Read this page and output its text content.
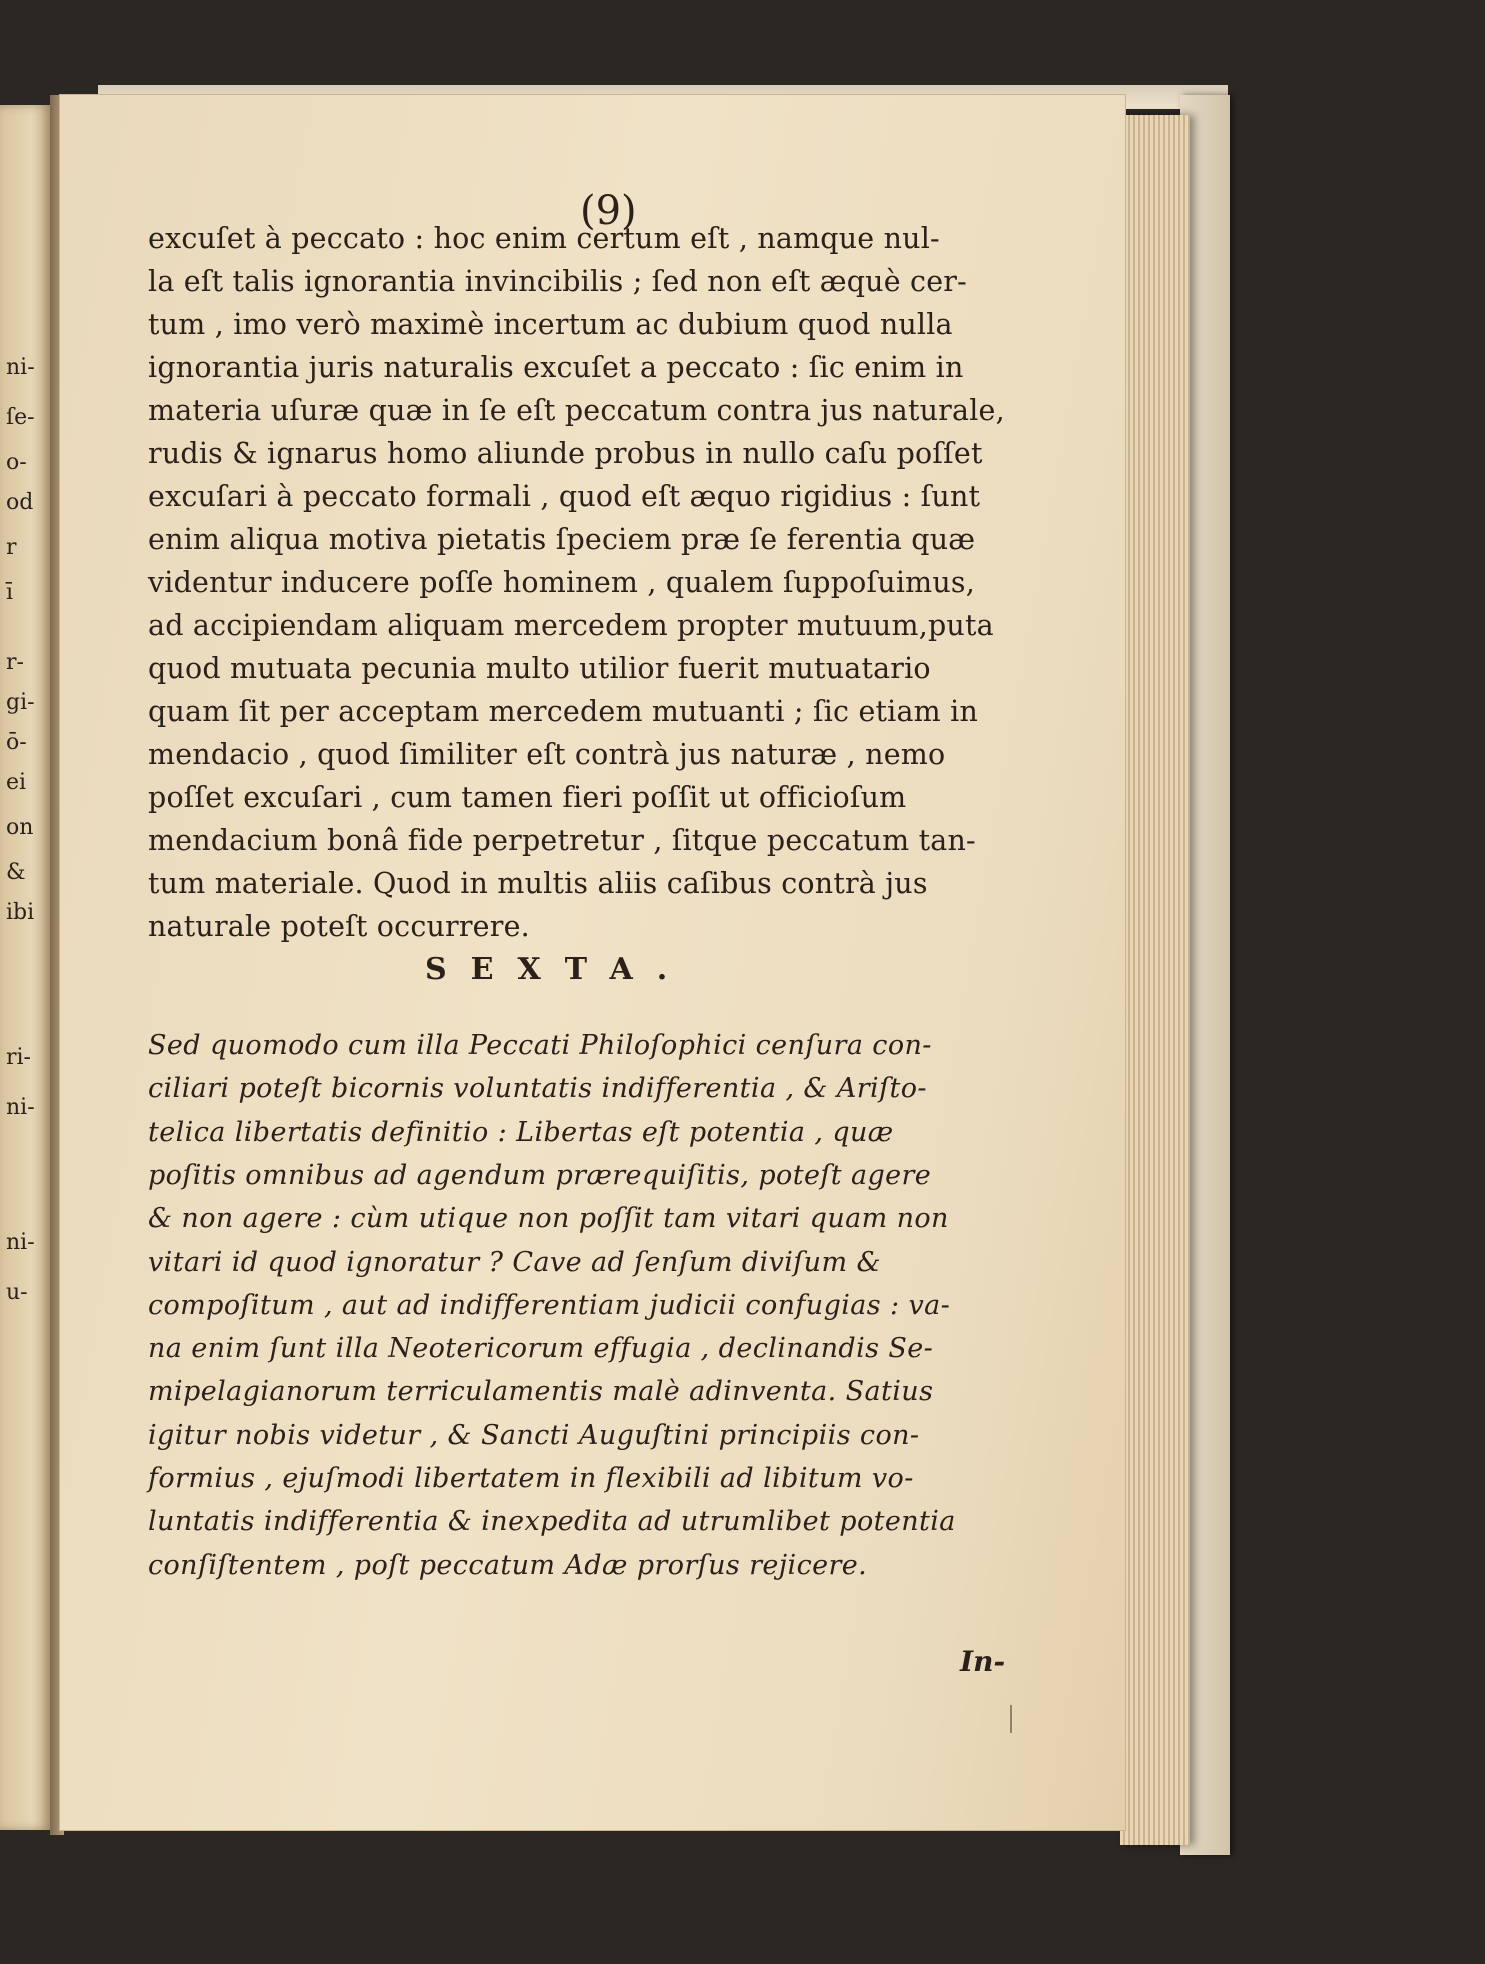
ni-
ſe-
o-
od
r
ī
r-
gi-
ō-
ei
on
&
ibi
ri-
ni-
ni-
u-
(9)
excuſet à peccato : hoc enim certum eſt , namque nul-
la eſt talis ignorantia invincibilis ; ſed non eſt æquè cer-
tum , imo verò maximè incertum ac dubium quod nulla
ignorantia juris naturalis excuſet a peccato : ſic enim in
materia uſuræ quæ in ſe eſt peccatum contra jus naturale,
rudis & ignarus homo aliunde probus in nullo caſu poſſet
excuſari à peccato formali , quod eſt æquo rigidius : ſunt
enim aliqua motiva pietatis ſpeciem præ ſe ferentia quæ
videntur inducere poſſe hominem , qualem ſuppoſuimus,
ad accipiendam aliquam mercedem propter mutuum,puta
quod mutuata pecunia multo utilior fuerit mutuatario
quam ſit per acceptam mercedem mutuanti ; ſic etiam in
mendacio , quod ſimiliter eſt contrà jus naturæ , nemo
poſſet excuſari , cum tamen fieri poſſit ut officioſum
mendacium bonâ fide perpetretur , ſitque peccatum tan-
tum materiale. Quod in multis aliis caſibus contrà jus
naturale poteſt occurrere.
SEXTA.
Sed quomodo cum illa Peccati Philoſophici cenſura con-
ciliari poteſt bicornis voluntatis indifferentia , & Ariſto-
telica libertatis definitio : Libertas eſt potentia , quæ
poſitis omnibus ad agendum prærequiſitis, poteſt agere
& non agere : cùm utique non poſſit tam vitari quam non
vitari id quod ignoratur ? Cave ad ſenſum diviſum &
compoſitum , aut ad indifferentiam judicii confugias : va-
na enim ſunt illa Neotericorum effugia , declinandis Se-
mipelagianorum terriculamentis malè adinventa. Satius
igitur nobis videtur , & Sancti Auguſtini principiis con-
formius , ejuſmodi libertatem in flexibili ad libitum vo-
luntatis indifferentia & inexpedita ad utrumlibet potentia
conſiſtentem , poſt peccatum Adæ prorſus rejicere.
In-
